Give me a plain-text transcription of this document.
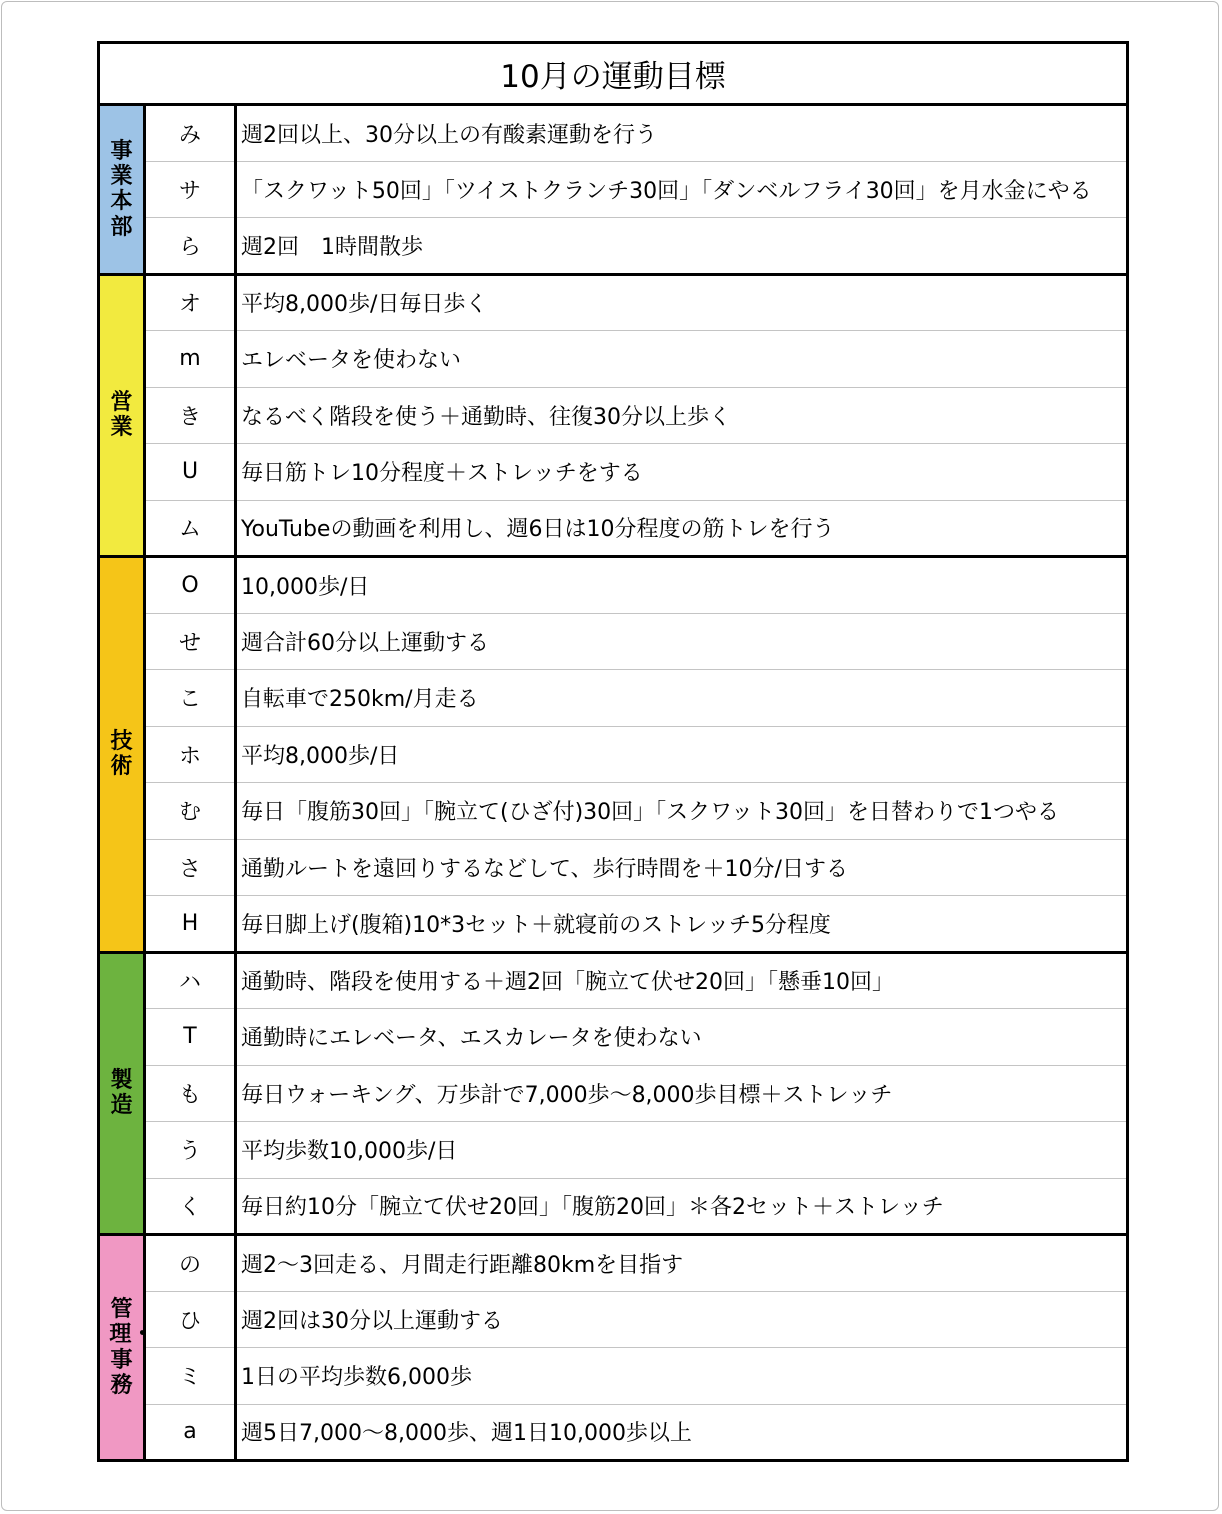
10月の運動目標		
事業本部	み	週2回以上、30分以上の有酸素運動を行う
	サ	「スクワット50回」「ツイストクランチ30回」「ダンベルフライ30回」を月水金にやる
	ら	週2回　1時間散歩
営業	オ	平均8,000歩/日毎日歩く
	m	エレベータを使わない
	き	なるべく階段を使う＋通勤時、往復30分以上歩く
	U	毎日筋トレ10分程度＋ストレッチをする
	ム	YouTubeの動画を利用し、週6日は10分程度の筋トレを行う
技術	O	10,000歩/日
	せ	週合計60分以上運動する
	こ	自転車で250km/月走る
	ホ	平均8,000歩/日
	む	毎日「腹筋30回」「腕立て(ひざ付)30回」「スクワット30回」を日替わりで1つやる
	さ	通勤ルートを遠回りするなどして、歩行時間を＋10分/日する
	H	毎日脚上げ(腹箱)10*3セット＋就寝前のストレッチ5分程度
製造	ハ	通勤時、階段を使用する＋週2回「腕立て伏せ20回」「懸垂10回」
	T	通勤時にエレベータ、エスカレータを使わない
	も	毎日ウォーキング、万歩計で7,000歩～8,000歩目標＋ストレッチ
	う	平均歩数10,000歩/日
	く	毎日約10分「腕立て伏せ20回」「腹筋20回」＊各2セット＋ストレッチ
管理・事務	の	週2～3回走る、月間走行距離80kmを目指す
	ひ	週2回は30分以上運動する
	ミ	1日の平均歩数6,000歩
	a	週5日7,000～8,000歩、週1日10,000歩以上
